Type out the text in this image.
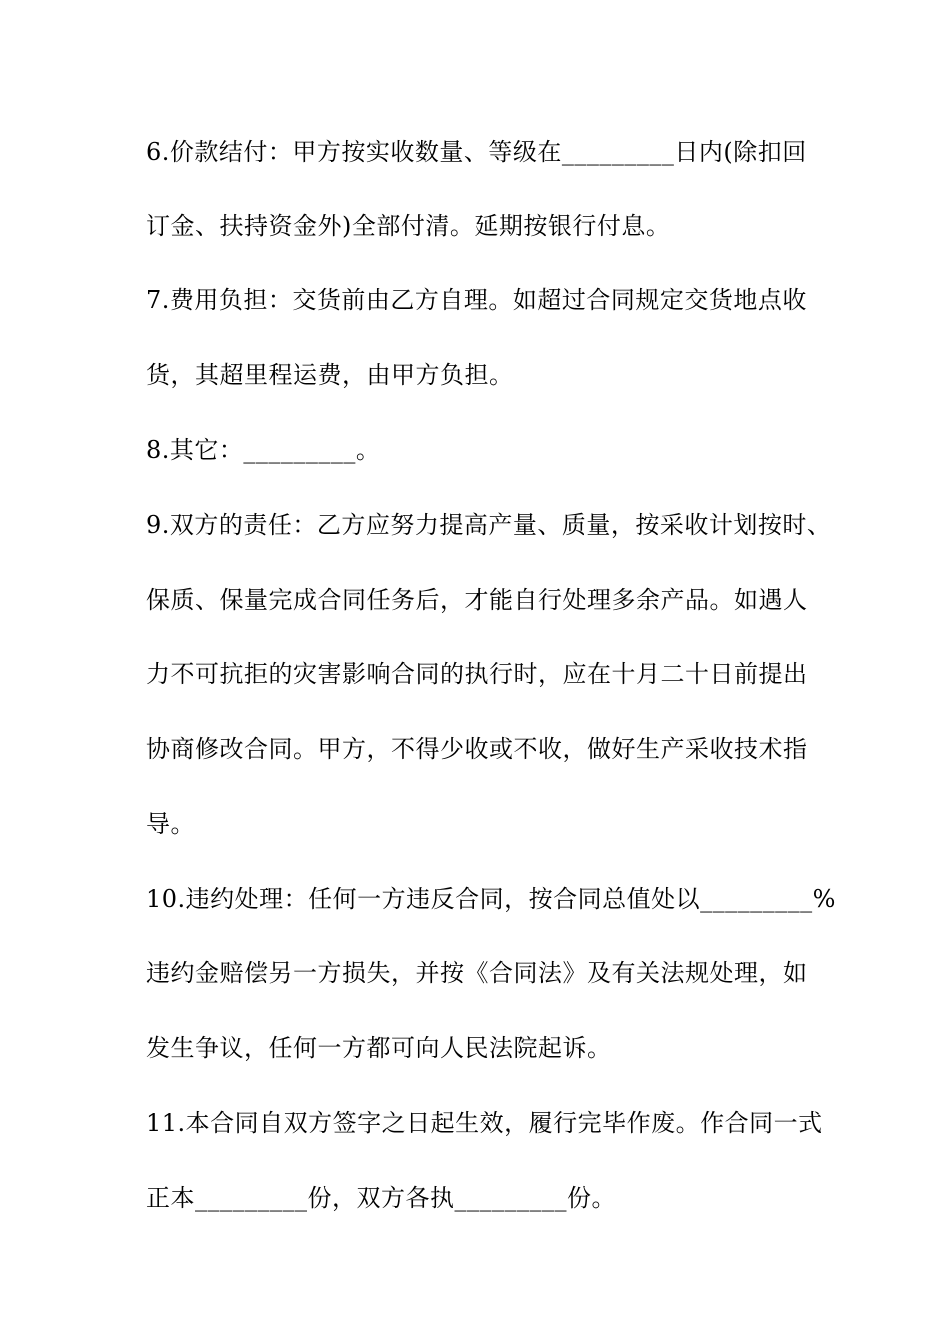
6.价款结付：甲方按实收数量、等级在_________日内(除扣回
订金、扶持资金外)全部付清。延期按银行付息。
7.费用负担：交货前由乙方自理。如超过合同规定交货地点收
货，其超里程运费，由甲方负担。
8.其它：_________。
9.双方的责任：乙方应努力提高产量、质量，按采收计划按时、
保质、保量完成合同任务后，才能自行处理多余产品。如遇人
力不可抗拒的灾害影响合同的执行时，应在十月二十日前提出
协商修改合同。甲方，不得少收或不收，做好生产采收技术指
导。
10.违约处理：任何一方违反合同，按合同总值处以_________%
违约金赔偿另一方损失，并按《合同法》及有关法规处理，如
发生争议，任何一方都可向人民法院起诉。
11.本合同自双方签字之日起生效，履行完毕作废。作合同一式
正本_________份，双方各执_________份。
